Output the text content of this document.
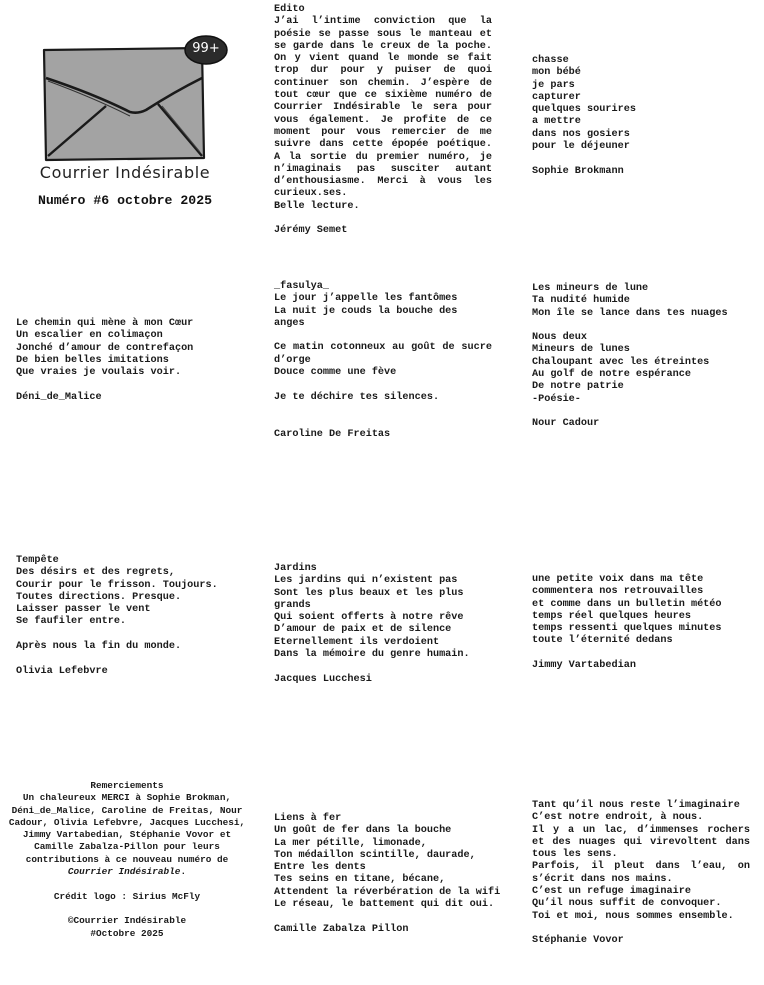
99+
Courrier Indésirable
Numéro #6 octobre 2025

Edito

J’ai l’intime conviction que la poésie se passe sous le manteau et se garde dans le creux de la poche. On y vient quand le monde se fait trop dur pour y puiser de quoi continuer son chemin. J’espère de tout cœur que ce sixième numéro de Courrier Indésirable le sera pour vous également. Je profite de ce moment pour vous remercier de me suivre dans cette épopée poétique. A la sortie du premier numéro, je n’imaginais pas susciter autant d’enthousiasme. Merci à vous les curieux.ses.

Belle lecture.

Jérémy Semet

chasse

mon bébé

je pars

capturer

quelques sourires

a mettre

dans nos gosiers

pour le déjeuner

Sophie Brokmann

Le chemin qui mène à mon Cœur

Un escalier en colimaçon

Jonché d’amour de contrefaçon

De bien belles imitations

Que vraies je voulais voir.

Déni_de_Malice

_fasulya_

Le jour j’appelle les fantômes

La nuit je couds la bouche des anges

Ce matin cotonneux au goût de sucre d’orge

Douce comme une fève

Je te déchire tes silences.

Caroline De Freitas

Les mineurs de lune

Ta nudité humide

Mon île se lance dans tes nuages

Nous deux

Mineurs de lunes

Chaloupant avec les étreintes

Au golf de notre espérance

De notre patrie

-Poésie-

Nour Cadour

Tempête

Des désirs et des regrets,

Courir pour le frisson. Toujours.

Toutes directions. Presque.

Laisser passer le vent

Se faufiler entre.

Après nous la fin du monde.

Olivia Lefebvre

Jardins

Les jardins qui n’existent pas

Sont les plus beaux et les plus grands

Qui soient offerts à notre rêve

D’amour de paix et de silence

Eternellement ils verdoient

Dans la mémoire du genre humain.

Jacques Lucchesi

une petite voix dans ma tête

commentera nos retrouvailles

et comme dans un bulletin météo

temps réel quelques heures

temps ressenti quelques minutes

toute l’éternité dedans

Jimmy Vartabedian

Remerciements

Un chaleureux MERCI à Sophie Brokman, Déni_de_Malice, Caroline de Freitas, Nour Cadour, Olivia Lefebvre, Jacques Lucchesi, Jimmy Vartabedian, Stéphanie Vovor et Camille Zabalza-Pillon pour leurs contributions à ce nouveau numéro de Courrier Indésirable.

Crédit logo : Sirius McFly

©Courrier Indésirable

#Octobre 2025

Liens à fer

Un goût de fer dans la bouche

La mer pétille, limonade,

Ton médaillon scintille, daurade,

Entre les dents

Tes seins en titane, bécane,

Attendent la réverbération de la wifi

Le réseau, le battement qui dit oui.

Camille Zabalza Pillon

Tant qu’il nous reste l’imaginaire

C’est notre endroit, à nous.

Il y a un lac, d’immenses rochers et des nuages qui virevoltent dans tous les sens.

Parfois, il pleut dans l’eau, on s’écrit dans nos mains.

C’est un refuge imaginaire

Qu’il nous suffit de convoquer.

Toi et moi, nous sommes ensemble.

Stéphanie Vovor
